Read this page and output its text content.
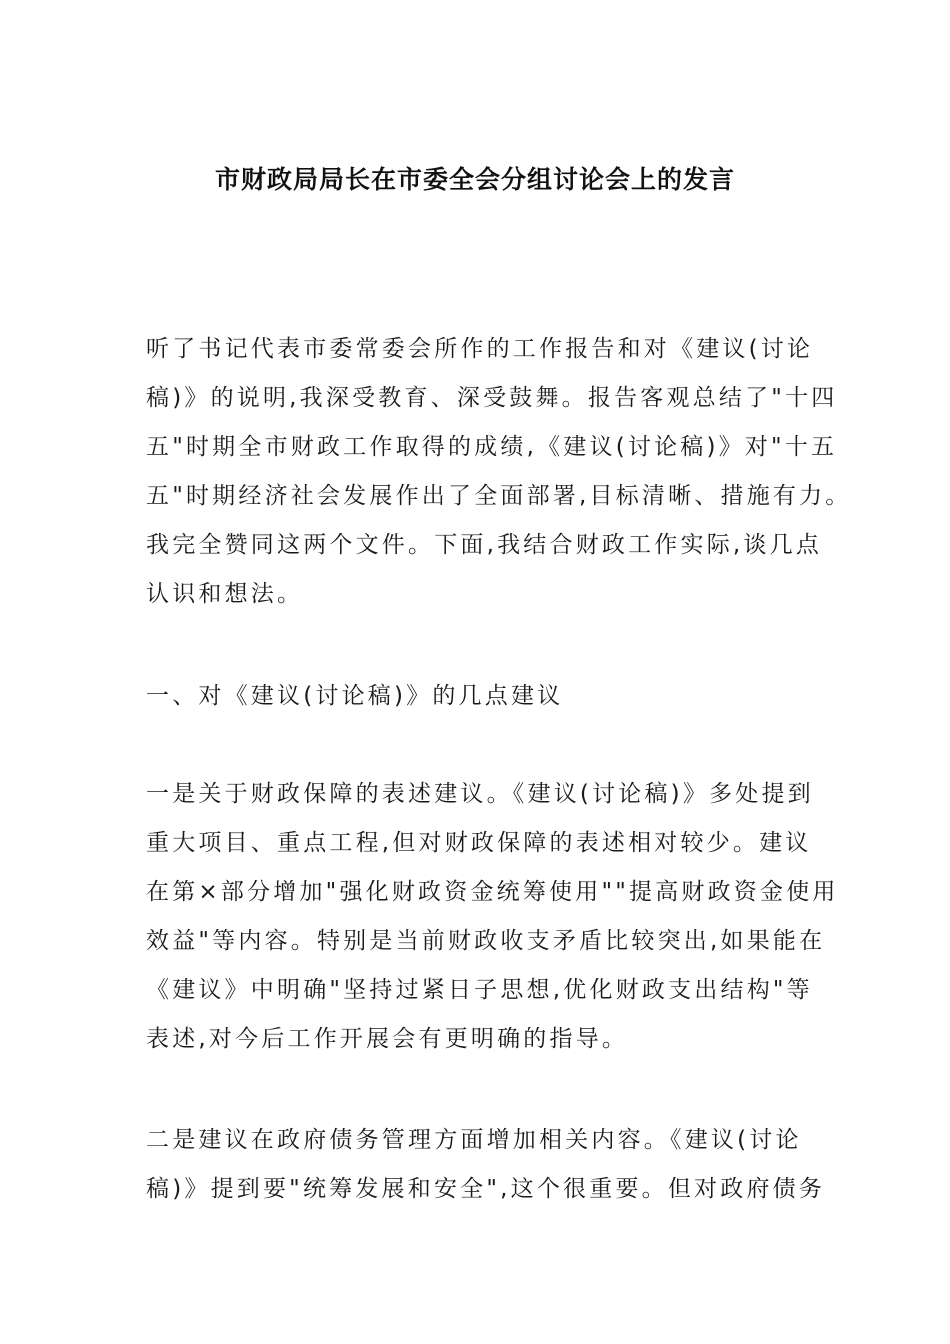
市财政局局长在市委全会分组讨论会上的发言
听了书记代表市委常委会所作的工作报告和对《建议(讨论
稿)》的说明,我深受教育、深受鼓舞。报告客观总结了"十四
五"时期全市财政工作取得的成绩,《建议(讨论稿)》对"十五
五"时期经济社会发展作出了全面部署,目标清晰、措施有力。
我完全赞同这两个文件。下面,我结合财政工作实际,谈几点
认识和想法。
一、对《建议(讨论稿)》的几点建议
一是关于财政保障的表述建议。《建议(讨论稿)》多处提到
重大项目、重点工程,但对财政保障的表述相对较少。建议
在第×部分增加"强化财政资金统筹使用""提高财政资金使用
效益"等内容。特别是当前财政收支矛盾比较突出,如果能在
《建议》中明确"坚持过紧日子思想,优化财政支出结构"等
表述,对今后工作开展会有更明确的指导。
二是建议在政府债务管理方面增加相关内容。《建议(讨论
稿)》提到要"统筹发展和安全",这个很重要。但对政府债务
